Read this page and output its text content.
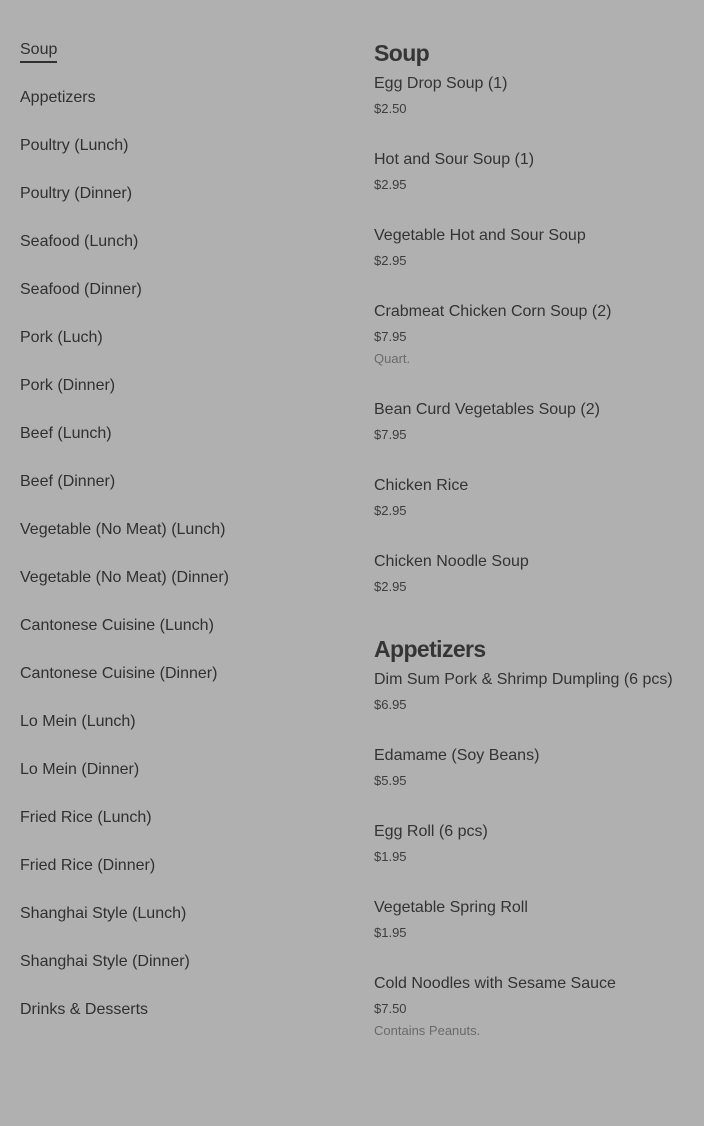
Soup
Appetizers
Poultry (Lunch)
Poultry (Dinner)
Seafood (Lunch)
Seafood (Dinner)
Pork (Luch)
Pork (Dinner)
Beef (Lunch)
Beef (Dinner)
Vegetable (No Meat) (Lunch)
Vegetable (No Meat) (Dinner)
Cantonese Cuisine (Lunch)
Cantonese Cuisine (Dinner)
Lo Mein (Lunch)
Lo Mein (Dinner)
Fried Rice (Lunch)
Fried Rice (Dinner)
Shanghai Style (Lunch)
Shanghai Style (Dinner)
Drinks & Desserts
Soup
Egg Drop Soup (1)
$2.50
Hot and Sour Soup (1)
$2.95
Vegetable Hot and Sour Soup
$2.95
Crabmeat Chicken Corn Soup (2)
$7.95
Quart.
Bean Curd Vegetables Soup (2)
$7.95
Chicken Rice
$2.95
Chicken Noodle Soup
$2.95
Appetizers
Dim Sum Pork & Shrimp Dumpling (6 pcs)
$6.95
Edamame (Soy Beans)
$5.95
Egg Roll (6 pcs)
$1.95
Vegetable Spring Roll
$1.95
Cold Noodles with Sesame Sauce
$7.50
Contains Peanuts.
